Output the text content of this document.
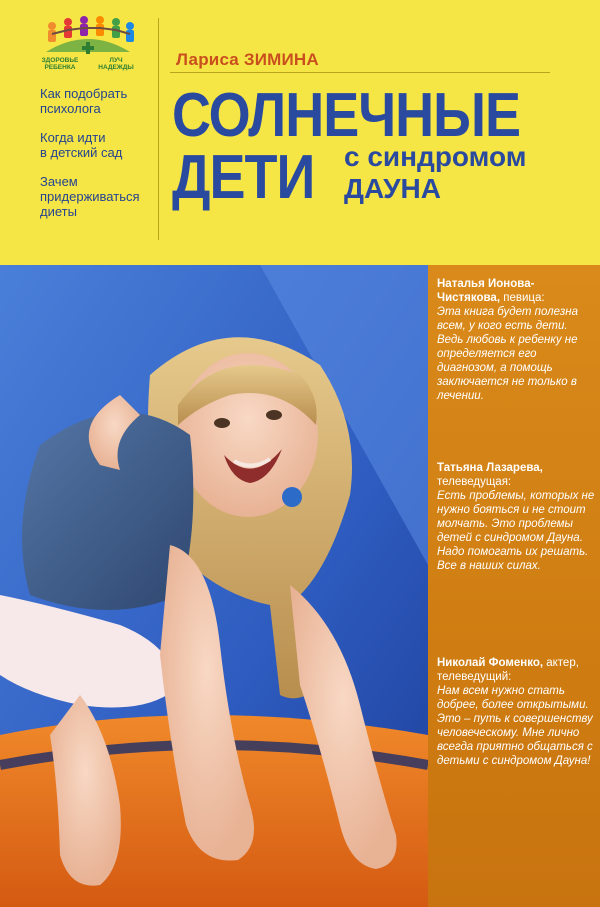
ЗДОРОВЬЕ РЕБЕНКА
ЛУЧ НАДЕЖДЫ Лариса ЗИМИНА
Как подобрать
психолога
Когда идти
в детский сад
Зачем
придерживаться
диеты
СОЛНЕЧНЫЕ
ДЕТИ с синдромом
ДАУНА
Наталья Ионова-Чистякова, певица:
Эта книга будет полезна всем, у кого есть дети. Ведь любовь к ребенку не определяется его диагнозом, а помощь заключается не только в лечении.
Татьяна Лазарева, телеведущая:
Есть проблемы, которых не нужно бояться и не стоит молчать. Это проблемы детей с синдромом Дауна. Надо помогать их решать. Все в наших силах.
Николай Фоменко, актер, телеведущий:
Нам всем нужно стать добрее, более открытыми. Это – путь к совершенству человеческому. Мне лично всегда приятно общаться с детьми с синдромом Дауна!
